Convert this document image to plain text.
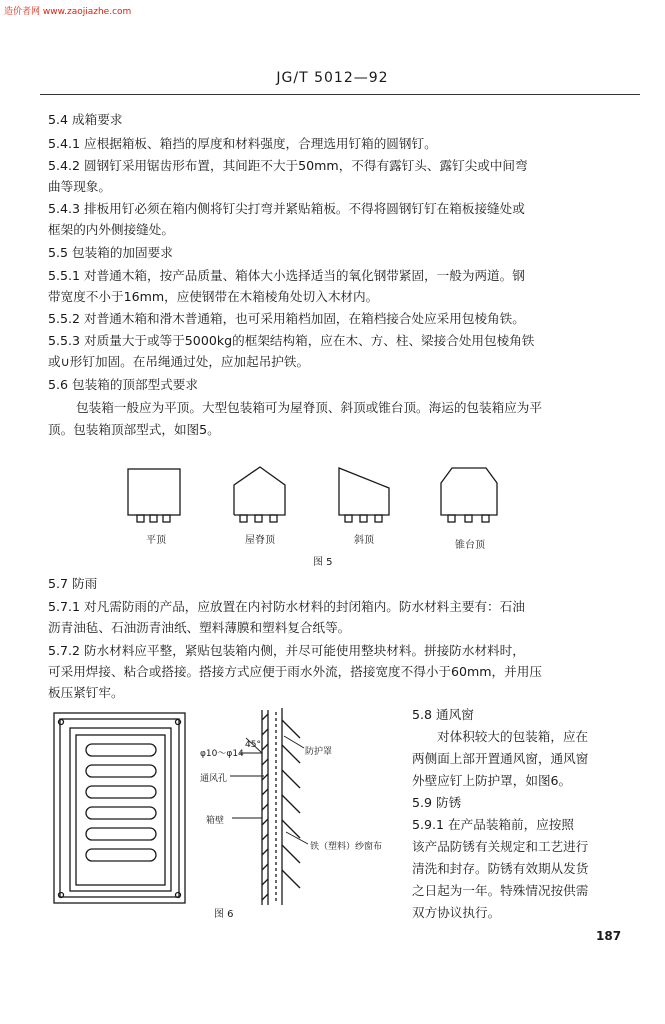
造价者网 www.zaojiazhe.com
JG/T 5012—92
5.4 成箱要求
5.4.1 应根据箱板、箱挡的厚度和材料强度，合理选用钉箱的圆钢钉。
5.4.2 圆钢钉采用锯齿形布置，其间距不大于50mm，不得有露钉头、露钉尖或中间弯
曲等现象。
5.4.3 排板用钉必须在箱内侧将钉尖打弯并紧贴箱板。不得将圆钢钉钉在箱板接缝处或
框架的内外侧接缝处。
5.5 包装箱的加固要求
5.5.1 对普通木箱，按产品质量、箱体大小选择适当的氧化钢带紧固，一般为两道。钢
带宽度不小于16mm，应使钢带在木箱棱角处切入木材内。
5.5.2 对普通木箱和滑木普通箱，也可采用箱档加固，在箱档接合处应采用包棱角铁。
5.5.3 对质量大于或等于5000kg的框架结构箱，应在木、方、柱、梁接合处用包棱角铁
或∪形钉加固。在吊绳通过处，应加起吊护铁。
5.6 包装箱的顶部型式要求
包装箱一般应为平顶。大型包装箱可为屋脊顶、斜顶或锥台顶。海运的包装箱应为平
顶。包装箱顶部型式，如图5。
平顶	屋脊顶	斜顶	锥台顶
图 5
5.7 防雨
5.7.1 对凡需防雨的产品，应放置在内衬防水材料的封闭箱内。防水材料主要有：石油
沥青油毡、石油沥青油纸、塑料薄膜和塑料复合纸等。
5.7.2 防水材料应平整，紧贴包装箱内侧，并尽可能使用整块材料。拼接防水材料时，
可采用焊接、粘合或搭接。搭接方式应便于雨水外流，搭接宽度不得小于60mm，并用压
板压紧钉牢。
φ10～φ14
45°
防护罩
通风孔
箱壁
铁（塑料）纱窗布
图 6
5.8 通风窗
对体积较大的包装箱，应在
两侧面上部开置通风窗，通风窗
外壁应钉上防护罩，如图6。
5.9 防锈
5.9.1 在产品装箱前，应按照
该产品防锈有关规定和工艺进行
清洗和封存。防锈有效期从发货
之日起为一年。特殊情况按供需
双方协议执行。
187
